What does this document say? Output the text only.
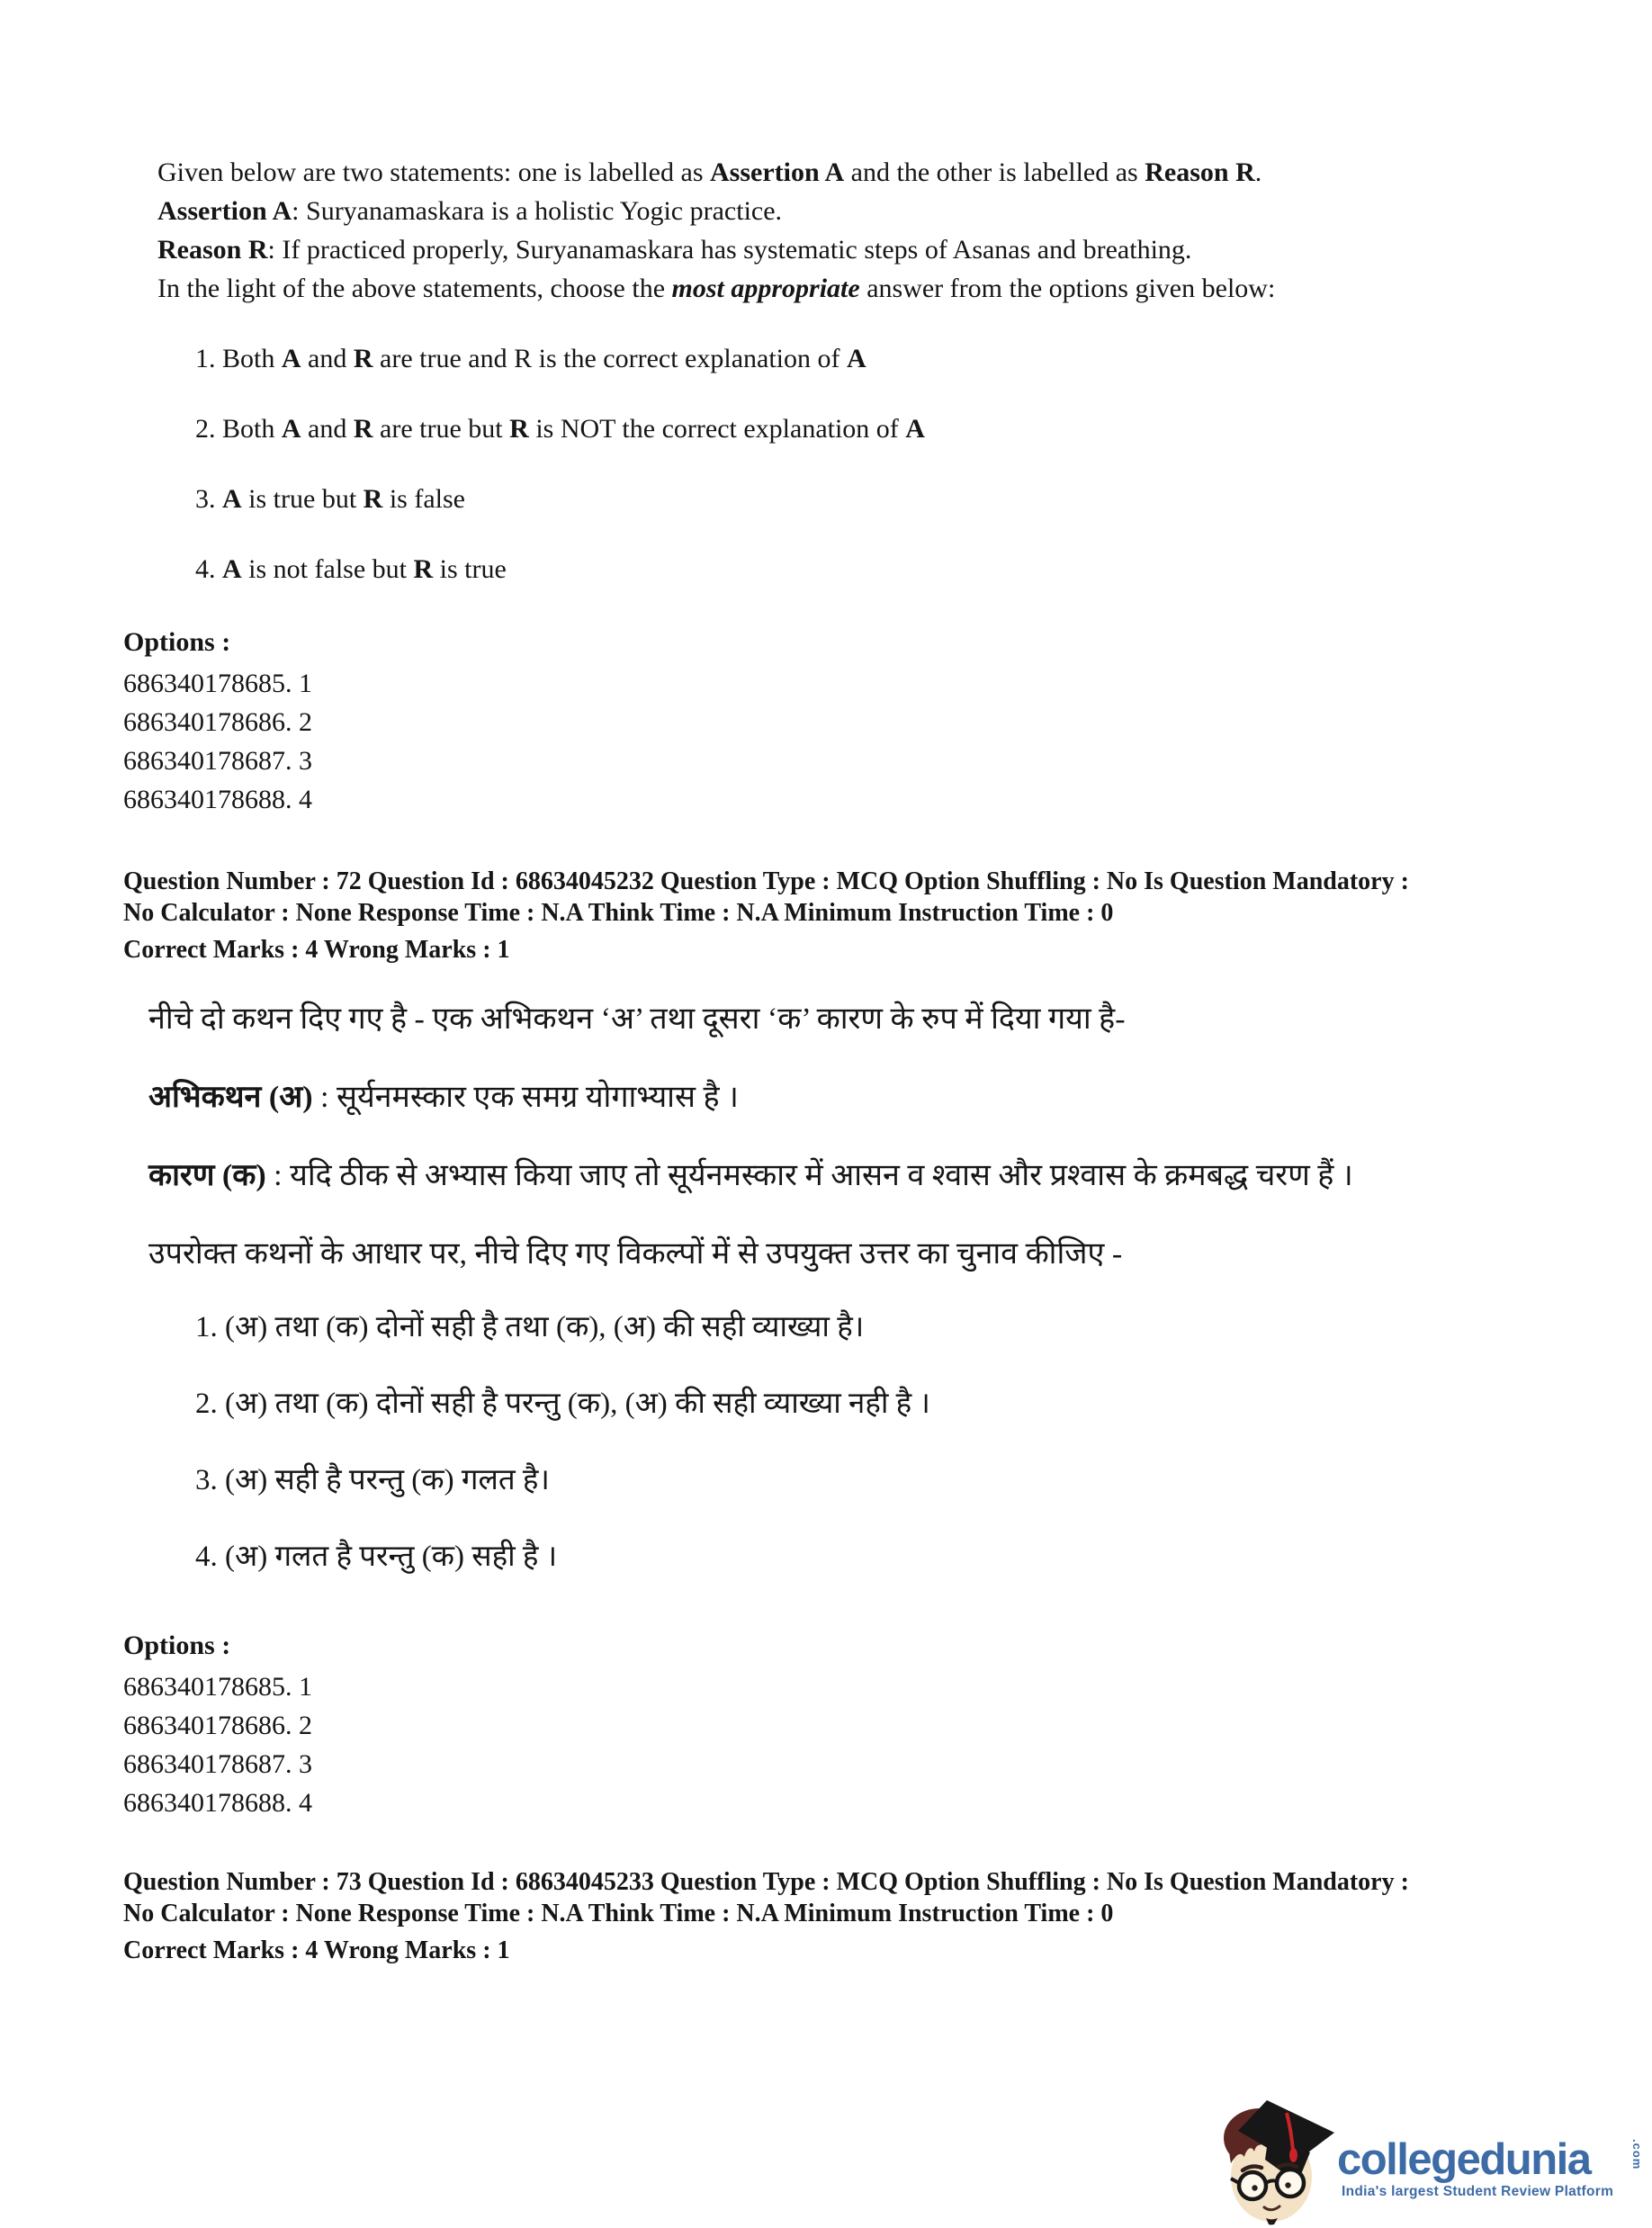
Given below are two statements: one is labelled as Assertion A and the other is labelled as Reason R.
Assertion A: Suryanamaskara is a holistic Yogic practice.
Reason R: If practiced properly, Suryanamaskara has systematic steps of Asanas and breathing.
In the light of the above statements, choose the most appropriate answer from the options given below:
1. Both A and R are true and R is the correct explanation of A
2. Both A and R are true but R is NOT the correct explanation of A
3. A is true but R is false
4. A is not false but R is true
Options :
686340178685. 1
686340178686. 2
686340178687. 3
686340178688. 4
Question Number : 72 Question Id : 68634045232 Question Type : MCQ Option Shuffling : No Is Question Mandatory :
No Calculator : None Response Time : N.A Think Time : N.A Minimum Instruction Time : 0
Correct Marks : 4 Wrong Marks : 1
नीचे दो कथन दिए गए है - एक अभिकथन ‘अ’ तथा दूसरा ‘क’ कारण के रुप में दिया गया है-
अभिकथन (अ) : सूर्यनमस्कार एक समग्र योगाभ्यास है ।
कारण (क) : यदि ठीक से अभ्यास किया जाए तो सूर्यनमस्कार में आसन व श्वास और प्रश्वास के क्रमबद्ध चरण हैं ।
उपरोक्त कथनों के आधार पर, नीचे दिए गए विकल्पों में से उपयुक्त उत्तर का चुनाव कीजिए -
1. (अ) तथा (क) दोनों सही है तथा (क), (अ) की सही व्याख्या है।
2. (अ) तथा (क) दोनों सही है परन्तु (क), (अ) की सही व्याख्या नही है ।
3. (अ) सही है परन्तु (क) गलत है।
4. (अ) गलत है परन्तु (क) सही है ।
Options :
686340178685. 1
686340178686. 2
686340178687. 3
686340178688. 4
Question Number : 73 Question Id : 68634045233 Question Type : MCQ Option Shuffling : No Is Question Mandatory :
No Calculator : None Response Time : N.A Think Time : N.A Minimum Instruction Time : 0
Correct Marks : 4 Wrong Marks : 1
collegedunia	.com
India's largest Student Review Platform
